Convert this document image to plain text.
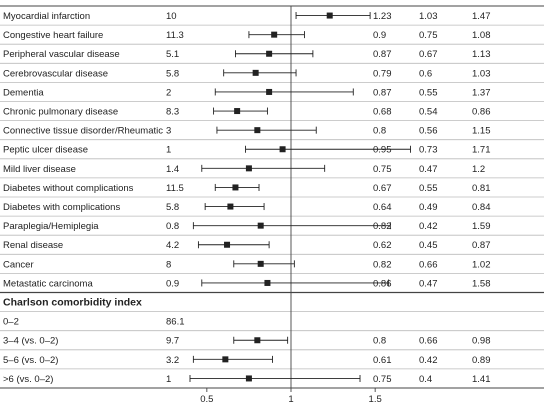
Myocardial infarction	10	1.23	1.03	1.47
Congestive heart failure	11.3	0.9	0.75	1.08
Peripheral vascular disease	5.1	0.87	0.67	1.13
Cerebrovascular disease	5.8	0.79	0.6	1.03
Dementia	2	0.87	0.55	1.37
Chronic pulmonary disease	8.3	0.68	0.54	0.86
Connective tissue disorder/Rheumatic 3	0.8	0.56	1.15
Peptic ulcer disease	1	0.95	0.73	1.71
Mild liver disease	1.4	0.75	0.47	1.2
Diabetes without complications	11.5	0.67	0.55	0.81
Diabetes with complications	5.8	0.64	0.49	0.84
Paraplegia/Hemiplegia	0.8	0.82	0.42	1.59
Renal disease	4.2	0.62	0.45	0.87
Cancer	8	0.82	0.66	1.02
Metastatic carcinoma	0.9	0.86	0.47	1.58
Charlson comorbidity index
0–2	86.1
3–4 (vs. 0–2)	9.7	0.8	0.66	0.98
5–6 (vs. 0–2)	3.2	0.61	0.42	0.89
>6 (vs. 0–2)	1	0.75	0.4	1.41
0.5	1	1.5
